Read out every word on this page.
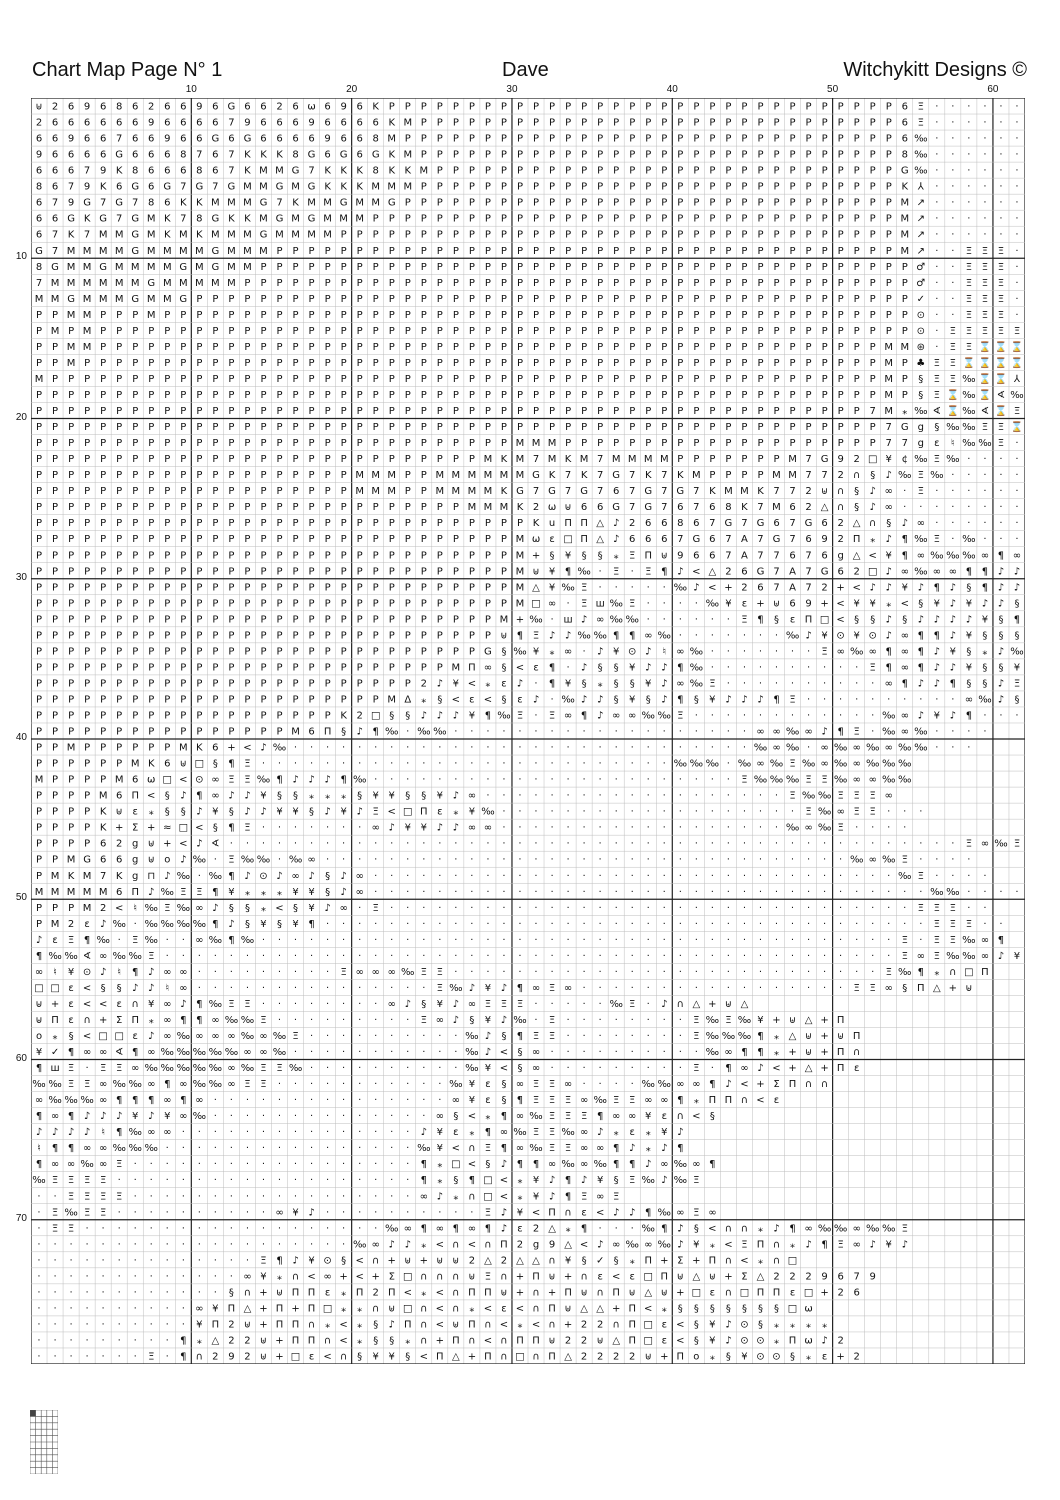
Chart Map Page N° 1	Dave	Witchykitt Designs ©
10	20	30	40	50	60
10
20
30
40
50
60
70
⊎26968626696G6626ω696KPPPPPPPPPPPPPPPPPPPPPPPPPPPPPPPP6Ξ······
2666666966667966696666KMPPPPPPPPPPPPPPPPPPPPPPPPPPPPPP6Ξ······
66966766966G6G66669668MPPPPPPPPPPPPPPPPPPPPPPPPPPPPPPP6‰······
96666G6668767KKK8G6G6GKMPPPPPPPPPPPPPPPPPPPPPPPPPPPPPP8‰······
66679K8666867KMMG7KKK8KKMPPPPPPPPPPPPPPPPPPPPPPPPPPPPPG‰······
8679K6G6G7G7GMMGMGKKKMMMPPPPPPPPPPPPPPPPPPPPPPPPPPPPPPK⅄······
679G7G786KKMMMG7KMMGMMGPPPPPPPPPPPPPPPPPPPPPPPPPPPPPPPM↗······
66GKG7GMK78GKKMGMGMMMPPPPPPPPPPPPPPPPPPPPPPPPPPPPPPPPPM↗······
67K7MMGMKMKMMMGMMMMPPPPPPPPPPPPPPPPPPPPPPPPPPPPPPPPPPPM↗······
G7MMMMGMMMMGMMMPPPPPPPPPPPPPPPPPPPPPPPPPPPPPPPPPPPPPPPM↗··ΞΞΞ·
8GMMGMMMMGMGMMPPPPPPPPPPPPPPPPPPPPPPPPPPPPPPPPPPPPPPPPP♂··ΞΞΞ·
7MMMMMMGMMMMMPPPPPPPPPPPPPPPPPPPPPPPPPPPPPPPPPPPPPPPPPP♂··ΞΞΞ·
MMGMMMGMMGPPPPPPPPPPPPPPPPPPPPPPPPPPPPPPPPPPPPPPPPPPPPP✓··ΞΞΞ·
PPMMPPPMPPPPPPPPPPPPPPPPPPPPPPPPPPPPPPPPPPPPPPPPPPPPPPP⊙··ΞΞΞ·
PMPMPPPPPPPPPPPPPPPPPPPPPPPPPPPPPPPPPPPPPPPPPPPPPPPPPPP⊙·ΞΞΞΞΞ
PPMMPPPPPPPPPPPPPPPPPPPPPPPPPPPPPPPPPPPPPPPPPPPPPPPPPMM⊛·ΞΞ⌛⌛⌛
PPMPPPPPPPPPPPPPPPPPPPPPPPPPPPPPPPPPPPPPPPPPPPPPPPPPPMP♣ΞΞ⌛⌛⌛⌛
MPPPPPPPPPPPPPPPPPPPPPPPPPPPPPPPPPPPPPPPPPPPPPPPPPPPPMP§ΞΞ‰⌛⌛⅄
PPPPPPPPPPPPPPPPPPPPPPPPPPPPPPPPPPPPPPPPPPPPPPPPPPPPPMP§Ξ⌛‰⌛∢‰
PPPPPPPPPPPPPPPPPPPPPPPPPPPPPPPPPPPPPPPPPPPPPPPPPPPP7M⁎‰∢⌛‰∢⌛Ξ
PPPPPPPPPPPPPPPPPPPPPPPPPPPPPPPPPPPPPPPPPPPPPPPPPPPPP7Gg§‰‰ΞΞ⌛
PPPPPPPPPPPPPPPPPPPPPPPPPPPPPPMMMPPPPPPPPPPPPPPPPPPPP77gε♮‰‰Ξ·
PPPPPPPPPPPPPPPPPPPPPPPPPPPPMKM7MKM7MMMMPPPPPPPM7G92□¥¢‰Ξ‰····
PPPPPPPPPPPPPPPPPPPPMMMPPMMMMMMGK7K7G7K7KMPPPPMM772∩§♪‰Ξ‰·····
PPPPPPPPPPPPPPPPPPPPMMMPPMMMMKG7G7G767G7G7KMMK772⊎∩§♪∞·Ξ······
PPPPPPPPPPPPPPPPPPPPPPPPPPPMMMK2ω⊎66G7G76768K7M62△∩§♪∞········
PPPPPPPPPPPPPPPPPPPPPPPPPPPPPPPKuΠΠ△♪266867G7G67G62△∩§♪∞······
PPPPPPPPPPPPPPPPPPPPPPPPPPPPPPMωε□Π△♪6667G67A7G7692Π⁎♪¶‰Ξ·‰···
PPPPPPPPPPPPPPPPPPPPPPPPPPPPPPM+§¥§§⁎ΞΠ⊎9667A77676g△<¥¶∞‰‰‰∞¶∞
PPPPPPPPPPPPPPPPPPPPPPPPPPPPPPM⊎¥¶‰·Ξ·Ξ¶♪<△26G7A7G62□♪∞‰∞∞¶¶♪♪
PPPPPPPPPPPPPPPPPPPPPPPPPPPPPPM△¥‰Ξ·····‰♪<+267A72+<♪♪¥♪¶♪§¶♪♪
PPPPPPPPPPPPPPPPPPPPPPPPPPPPPPM□∞·Ξш‰Ξ····‰¥ε+⊎69+<¥¥⁎<§¥♪¥♪♪§
PPPPPPPPPPPPPPPPPPPPPPPPPPPPPM+‰·ш♪∞‰‰······Ξ¶§εΠ□<§§♪§♪♪♪♪¥§¶
PPPPPPPPPPPPPPPPPPPPPPPPPPPPP⊎¶Ξ♪♪‰‰¶¶∞‰·······‰♪¥⊙¥⊙♪∞¶¶♪¥§§§
PPPPPPPPPPPPPPPPPPPPPPPPPPPPG§‰¥⁎∞·♪¥⊙♪♮∞‰·······Ξ∞‰∞¶∞¶♪¥§⁎♪‰
PPPPPPPPPPPPPPPPPPPPPPPPPPMΠ∞§<ε¶·♪§§¥♪♪¶‰··········Ξ¶∞¶♪♪¥§§¥
PPPPPPPPPPPPPPPPPPPPPPPP2♪¥<⁎ε♪·¶¥§⁎§§¥♪∞‰Ξ··········∞¶♪♪¶§§♪Ξ
PPPPPPPPPPPPPPPPPPPPPPMΔ⁎§<ε<§ε♪·‰♪♪§¥§♪¶§¥♪♪♪¶Ξ··········∞‰♪§
PPPPPPPPPPPPPPPPPPPK2□§§♪♪♪¥¶‰Ξ·Ξ∞¶♪∞∞‰‰Ξ············‰∞♪¥♪¶···
PPPPPPPPPPPPPPPPM6Π§♪¶‰·‰‰···················∞∞‰∞♪¶Ξ·‰∞‰····
PPMPPPPPPMK6+<♪‰·····························‰∞‰·∞‰∞‰∞‰‰···
PPPPPPMK6⊎□§¶Ξ··························‰‰‰·‰∞‰Ξ‰∞‰∞‰‰‰
MPPPPM6ω□<⊙∞ΞΞ‰¶♪♪♪¶‰·······················Ξ‰‰‰ΞΞ‰∞∞‰‰
PPPPM6Π<§♪¶∞♪♪¥§§⁎⁎⁎§¥¥§§¥♪∞···················Ξ‰‰ΞΞΞ∞
PPPPK⊎ε⁎§§♪¥§♪♪¥¥§♪¥♪Ξ<□Πε⁎¥‰···················Ξ‰∞ΞΞ···
PPPPK+Σ+≈□<§¶Ξ·······∞♪¥¥♪♪∞∞··················‰∞‰Ξ····
PPPP62g⊎+<♪∢··············································Ξ∞‰Ξ
PPMG66g⊎o♪‰·Ξ‰‰·‰∞·································‰∞‰Ξ····
PMKM7Kg⊓♪‰·‰¶♪⊙♪∞♪§♪∞·································‰Ξ····
MMMMM6Π♪‰ΞΞ¶¥⁎⁎⁎¥¥§♪∞···································‰‰····
PPPM2<♮‰Ξ‰∞♪§§⁎<§¥♪∞·Ξ·································ΞΞΞ··
PM2ε♪‰·‰‰‰‰¶♪§¥§¥¶······································ΞΞΞ··
♪εΞ¶‰·Ξ‰··∞‰¶‰········································Ξ·ΞΞ‰∞¶
¶‰‰∢∞‰‰Ξ··············································Ξ∞Ξ‰‰∞♪¥
∞♮¥⊙♪♮¶♪∞∞·········Ξ∞∞∞‰ΞΞ···························Ξ‰¶⁎∩□Π
□□ε<§§♪♪♮∞···············Ξ‰♪¥♪¶∞Ξ∞·················ΞΞ∞§Π△+⊎
⊎+ε<<ε∩¥∞♪¶‰ΞΞ········∞♪§¥♪∞ΞΞΞ·····‰Ξ·♪∩△+⊎△
⊎Πε∩+ΣΠ⁎∞¶¶∞‰‰Ξ·········Ξ∞♪§¥♪‰·Ξ········Ξ‰Ξ‰¥+⊎△+Π
o⁎§<□□ε♪∞‰∞∞∞‰∞‰Ξ··········‰♪§¶ΞΞ········Ξ‰‰‰¶⁎△⊎+⊎Π
¥✓¶∞∞∢¶∞‰‰‰‰‰∞∞‰···········‰♪<§∞··········‰∞¶¶⁎+⊎+Π∩
¶шΞ·ΞΞ∞‰‰‰‰‰∞‰ΞΞ‰··········‰¥<§∞·········Ξ·¶∞♪<+△+Πε
‰‰ΞΞ∞‰‰∞¶∞‰‰∞ΞΞ···········‰¥ε§∞ΞΞ∞····‰‰∞∞¶♪<+ΣΠ∩∩
∞‰‰‰∞¶¶¶∞¶∞···············∞¥ε§¶ΞΞΞ∞‰ΞΞ∞∞¶⁎ΠΠ∩<ε
¶∞¶♪♪♪¥♪¥∞‰··············∞§<⁎¶∞‰ΞΞΞ¶∞∞¥ε∩<§
♪♪♪♪♮¶‰∞∞···············♪¥ε⁎¶∞‰ΞΞ‰∞♪⁎ε⁎¥♪
♮¶¶∞∞‰‰‰················‰¥<∩Ξ¶∞‰ΞΞ∞∞¶♪⁎♪¶
¶∞∞‰∞Ξ··················¶⁎□<§♪¶¶∞‰∞‰¶¶♪∞‰∞¶
‰ΞΞΞΞ···················¶⁎§¶□<⁎¥♪¶♪¥§Ξ‰♪‰Ξ
··ΞΞΞΞ··················∞♪⁎∩□<⁎¥♪¶Ξ∞Ξ
·Ξ‰ΞΞ··········∞¥♪··········Ξ♪¥<Π∩ε<♪♪¶‰∞Ξ∞
·ΞΞ···················‰∞¶∞¶∞¶♪ε2△⁎¶···‰¶♪§<∩∩⁎♪¶∞‰‰∞‰‰Ξ
····················‰∞♪♪⁎<∩<∩Π2g9△<♪∞‰∞‰♪¥⁎<ΞΠ∩⁎♪¶Ξ∞♪¥♪
··············Ξ¶♪¥⊙§<∩+⊎+⊎⊎2△2△△∩¥§✓§⁎Π+Σ+Π∩<⁎∩□
·············∞¥⁎∩<∞+<+Σ□∩∩∩⊎Ξ∩+Π⊎+∩ε<ε□Π⊎△⊎+Σ△2229679
············§∩+⊎ΠΠε⁎Π2Π<⁎<∩ΠΠ⊎+∩+Π⊎∩Π⊎△⊎+□ε∩□ΠΠε□+26
··········∞¥Π△+Π+Π□⁎⁎∩⊎□∩<∩⁎<ε<∩Π⊎△△+Π<⁎§§§§§§§□ω
··········¥Π2⊎+ΠΠ∩⁎<⁎§♪Π∩<⊎Π∩<⁎<∩+22∩Π□ε<§¥♪⊙§⁎⁎⁎⁎
·········¶⁎△22⊎+ΠΠ∩<⁎§§⁎∩+Π∩<∩ΠΠ⊎22⊎△Π□ε<§¥♪⊙⊙⁎Πω♪2
·······Ξ·¶∩292⊎+□ε<∩§¥¥§<Π△+Π∩□∩Π△2222⊎+Πo⁎§¥⊙⊙§⁎ε+2
